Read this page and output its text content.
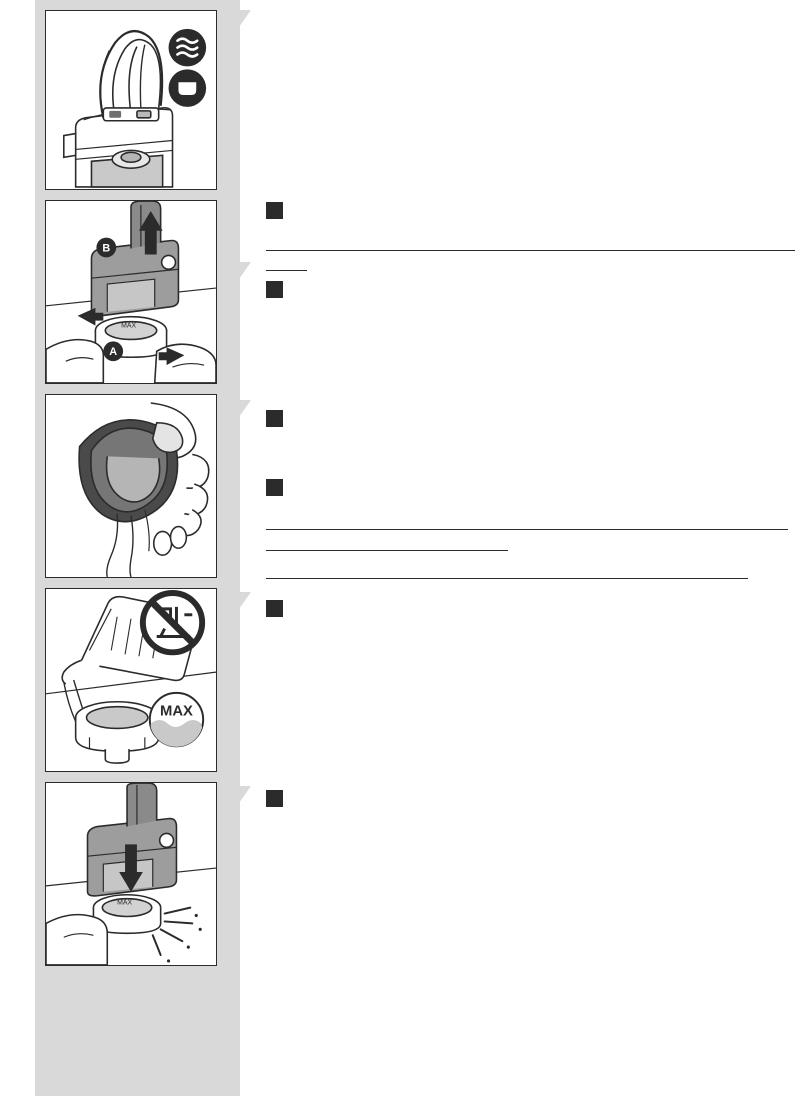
MAX
B
A
MAX
MAX
